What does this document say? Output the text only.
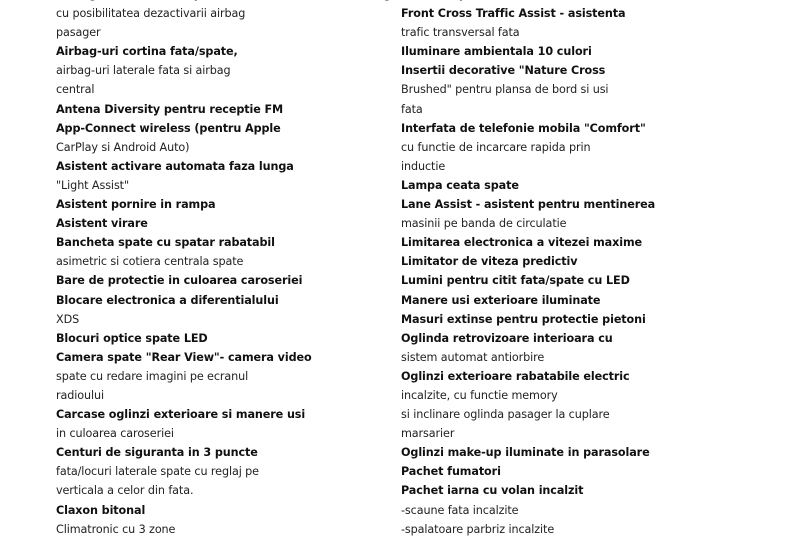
cu posibilitatea dezactivarii airbag
pasager
Airbag-uri cortina fata/spate,
airbag-uri laterale fata si airbag
central
Antena Diversity pentru receptie FM
App-Connect wireless (pentru Apple
CarPlay si Android Auto)
Asistent activare automata faza lunga
"Light Assist"
Asistent pornire in rampa
Asistent virare
Bancheta spate cu spatar rabatabil
asimetric si cotiera centrala spate
Bare de protectie in culoarea caroseriei
Blocare electronica a diferentialului
XDS
Blocuri optice spate LED
Camera spate "Rear View"- camera video
spate cu redare imagini pe ecranul
radioului
Carcase oglinzi exterioare si manere usi
in culoarea caroseriei
Centuri de siguranta in 3 puncte
fata/locuri laterale spate cu reglaj pe
verticala a celor din fata.
Claxon bitonal
Climatronic cu 3 zone
Front Cross Traffic Assist - asistenta
trafic transversal fata
Iluminare ambientala 10 culori
Insertii decorative "Nature Cross
Brushed" pentru plansa de bord si usi
fata
Interfata de telefonie mobila "Comfort"
cu functie de incarcare rapida prin
inductie
Lampa ceata spate
Lane Assist - asistent pentru mentinerea
masinii pe banda de circulatie
Limitarea electronica a vitezei maxime
Limitator de viteza predictiv
Lumini pentru citit fata/spate cu LED
Manere usi exterioare iluminate
Masuri extinse pentru protectie pietoni
Oglinda retrovizoare interioara cu
sistem automat antiorbire
Oglinzi exterioare rabatabile electric
incalzite, cu functie memory
si inclinare oglinda pasager la cuplare
marsarier
Oglinzi make-up iluminate in parasolare
Pachet fumatori
Pachet iarna cu volan incalzit
-scaune fata incalzite
-spalatoare parbriz incalzite
